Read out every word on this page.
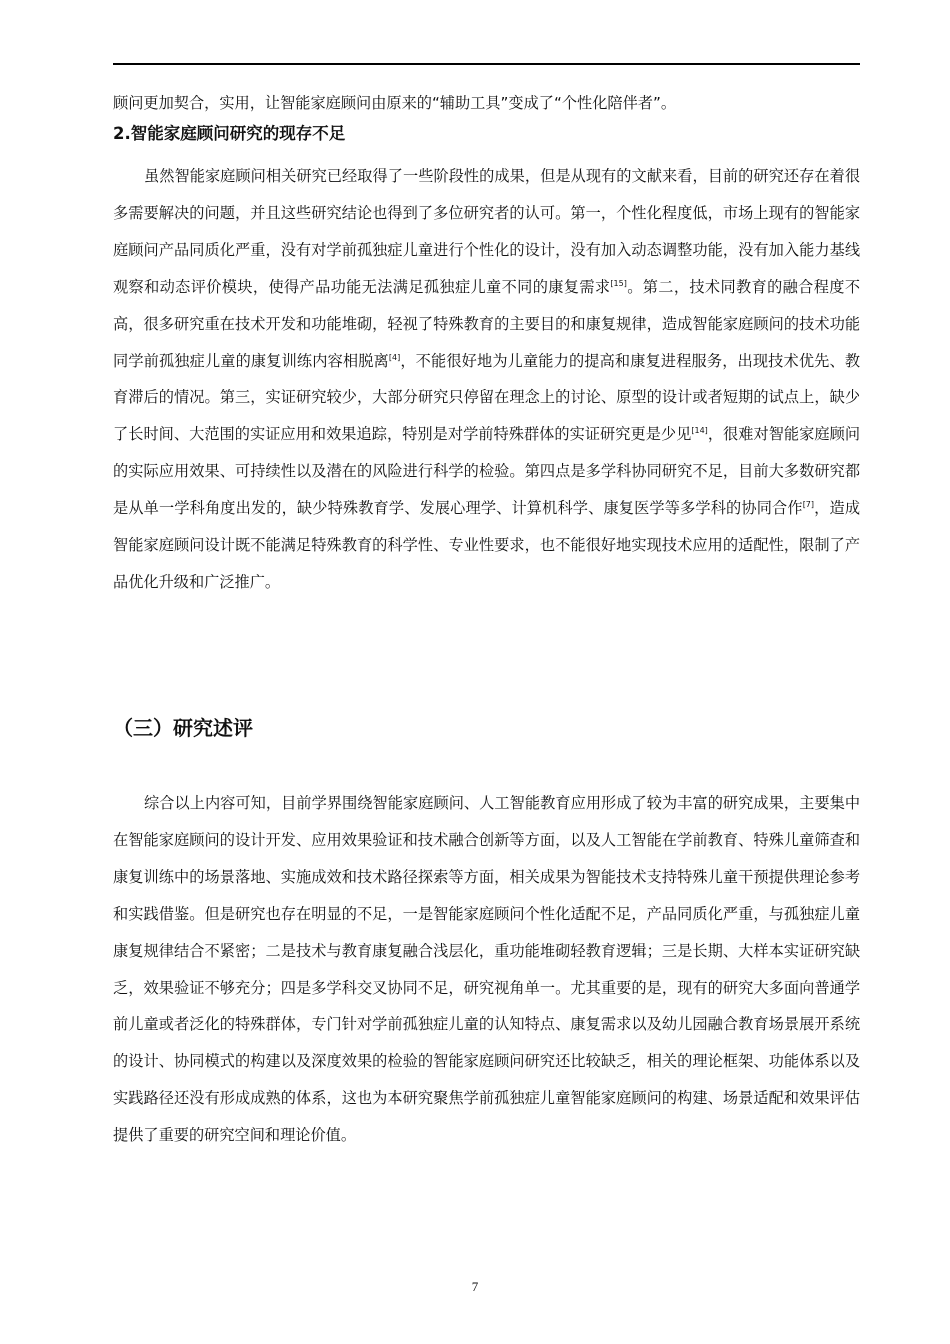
顾问更加契合，实用，让智能家庭顾问由原来的“辅助工具”变成了“个性化陪伴者”。

2.智能家庭顾问研究的现存不足

虽然智能家庭顾问相关研究已经取得了一些阶段性的成果，但是从现有的文献来看，目前的研究还存在着很多需要解决的问题，并且这些研究结论也得到了多位研究者的认可。第一，个性化程度低，市场上现有的智能家庭顾问产品同质化严重，没有对学前孤独症儿童进行个性化的设计，没有加入动态调整功能，没有加入能力基线观察和动态评价模块，使得产品功能无法满足孤独症儿童不同的康复需求[15]。第二，技术同教育的融合程度不高，很多研究重在技术开发和功能堆砌，轻视了特殊教育的主要目的和康复规律，造成智能家庭顾问的技术功能同学前孤独症儿童的康复训练内容相脱离[4]，不能很好地为儿童能力的提高和康复进程服务，出现技术优先、教育滞后的情况。第三，实证研究较少，大部分研究只停留在理念上的讨论、原型的设计或者短期的试点上，缺少了长时间、大范围的实证应用和效果追踪，特别是对学前特殊群体的实证研究更是少见[14]，很难对智能家庭顾问的实际应用效果、可持续性以及潜在的风险进行科学的检验。第四点是多学科协同研究不足，目前大多数研究都是从单一学科角度出发的，缺少特殊教育学、发展心理学、计算机科学、康复医学等多学科的协同合作[7]，造成智能家庭顾问设计既不能满足特殊教育的科学性、专业性要求，也不能很好地实现技术应用的适配性，限制了产品优化升级和广泛推广。

（三）研究述评

综合以上内容可知，目前学界围绕智能家庭顾问、人工智能教育应用形成了较为丰富的研究成果，主要集中在智能家庭顾问的设计开发、应用效果验证和技术融合创新等方面，以及人工智能在学前教育、特殊儿童筛查和康复训练中的场景落地、实施成效和技术路径探索等方面，相关成果为智能技术支持特殊儿童干预提供理论参考和实践借鉴。但是研究也存在明显的不足，一是智能家庭顾问个性化适配不足，产品同质化严重，与孤独症儿童康复规律结合不紧密；二是技术与教育康复融合浅层化，重功能堆砌轻教育逻辑；三是长期、大样本实证研究缺乏，效果验证不够充分；四是多学科交叉协同不足，研究视角单一。尤其重要的是，现有的研究大多面向普通学前儿童或者泛化的特殊群体，专门针对学前孤独症儿童的认知特点、康复需求以及幼儿园融合教育场景展开系统的设计、协同模式的构建以及深度效果的检验的智能家庭顾问研究还比较缺乏，相关的理论框架、功能体系以及实践路径还没有形成成熟的体系，这也为本研究聚焦学前孤独症儿童智能家庭顾问的构建、场景适配和效果评估提供了重要的研究空间和理论价值。

7
